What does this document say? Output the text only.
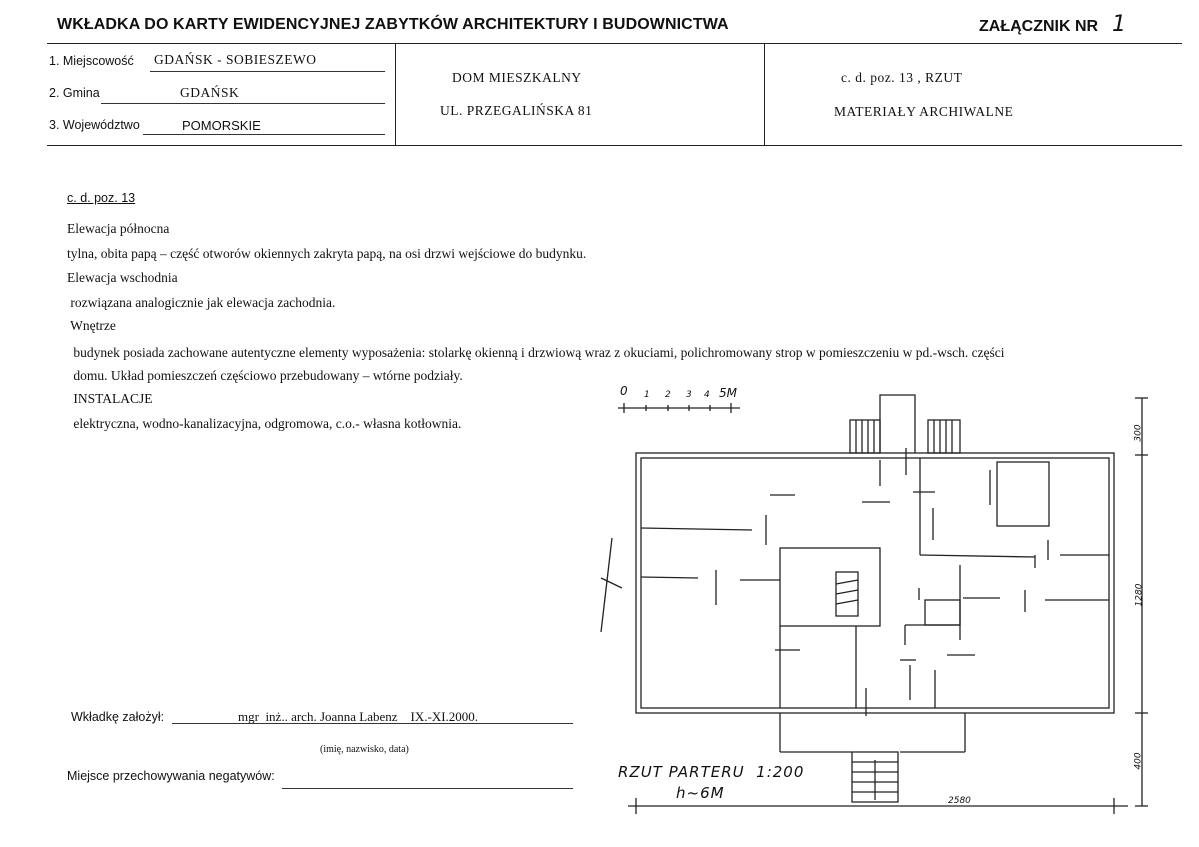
WKŁADKA DO KARTY EWIDENCYJNEJ ZABYTKÓW ARCHITEKTURY I BUDOWNICTWA	ZAŁĄCZNIK NR 1
1. Miejscowość GDAŃSK - SOBIESZEWO
2. Gmina	GDAŃSK
3. Województwo	POMORSKIE
DOM MIESZKALNY
UL. PRZEGALIŃSKA 81
c. d. poz. 13 , RZUT
MATERIAŁY ARCHIWALNE
c. d. poz. 13
Elewacja północna
tylna, obita papą – część otworów okiennych zakryta papą, na osi drzwi wejściowe do budynku.
Elewacja wschodnia
rozwiązana analogicznie jak elewacja zachodnia.
Wnętrze
budynek posiada zachowane autentyczne elementy wyposażenia: stolarkę okienną i drzwiową wraz z okuciami, polichromowany strop w pomieszczeniu w pd.-wsch. części
domu. Układ pomieszczeń częściowo przebudowany – wtórne podziały.
INSTALACJE
elektryczna, wodno-kanalizacyjna, odgromowa, c.o.- własna kotłownia.
Wkładkę założył:	mgr  inż.. arch. Joanna Labenz    IX.-XI.2000.
(imię, nazwisko, data)
Miejsce przechowywania negatywów:
0 1 2 3 4 5M
RZUT PARTERU  1:200
h~6M	2580
1280
300
400
